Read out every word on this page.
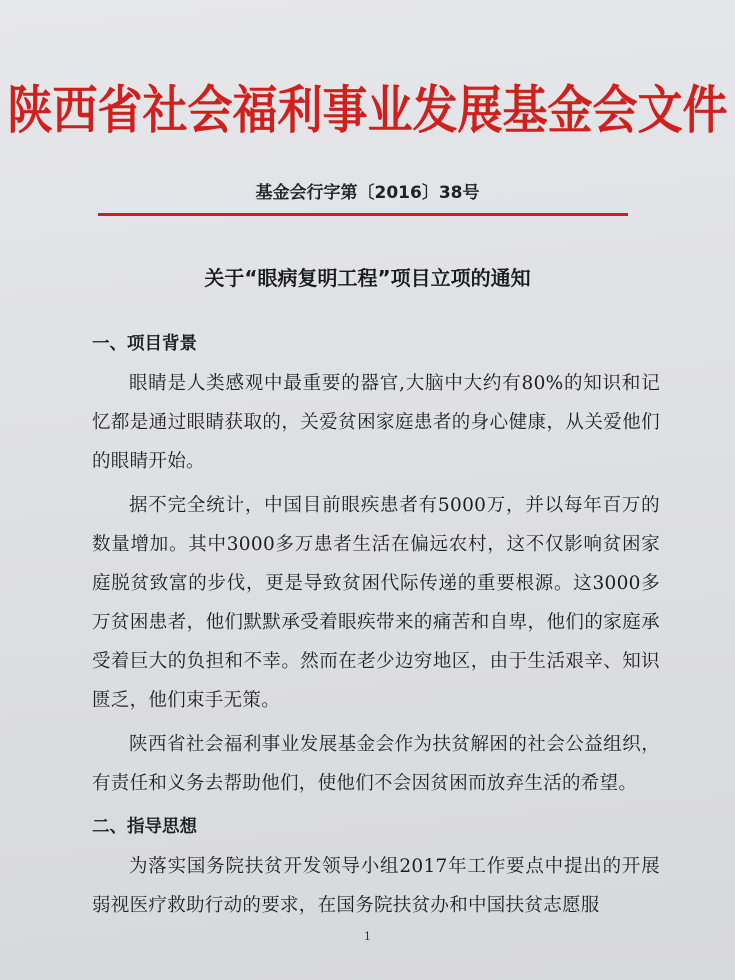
陕西省社会福利事业发展基金会文件
基金会行字第〔2016〕38号
关于“眼病复明工程”项目立项的通知

一、项目背景

眼睛是人类感观中最重要的器官,大脑中大约有80%的知识和记忆都是通过眼睛获取的，关爱贫困家庭患者的身心健康，从关爱他们的眼睛开始。

据不完全统计，中国目前眼疾患者有5000万，并以每年百万的数量增加。其中3000多万患者生活在偏远农村，这不仅影响贫困家庭脱贫致富的步伐，更是导致贫困代际传递的重要根源。这3000多万贫困患者，他们默默承受着眼疾带来的痛苦和自卑，他们的家庭承受着巨大的负担和不幸。然而在老少边穷地区，由于生活艰辛、知识匮乏，他们束手无策。

陕西省社会福利事业发展基金会作为扶贫解困的社会公益组织，有责任和义务去帮助他们，使他们不会因贫困而放弃生活的希望。

二、指导思想

为落实国务院扶贫开发领导小组2017年工作要点中提出的开展弱视医疗救助行动的要求，在国务院扶贫办和中国扶贫志愿服

1
